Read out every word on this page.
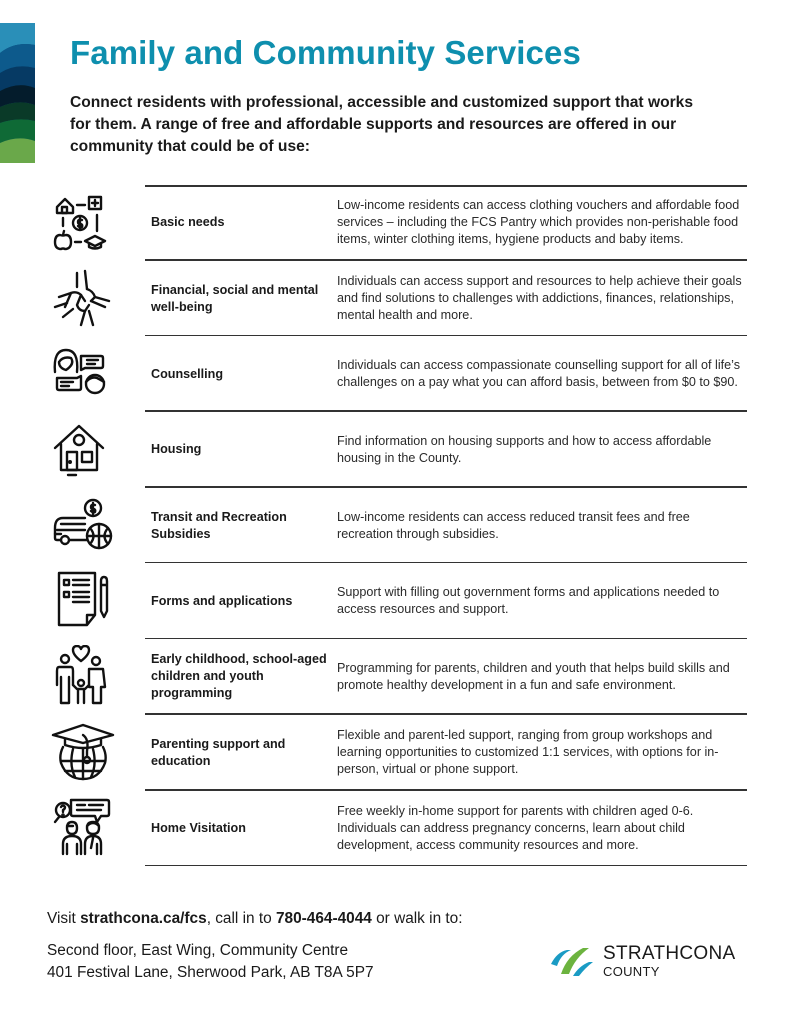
Family and Community Services
Connect residents with professional, accessible and customized support that works for them. A range of free and affordable supports and resources are offered in our community that could be of use:
Basic needs
Low-income residents can access clothing vouchers and affordable food services – including the FCS Pantry which provides non-perishable food items, winter clothing items, hygiene products and baby items.
Financial, social and mental well-being
Individuals can access support and resources to help achieve their goals and find solutions to challenges with addictions, finances, relationships, mental health and more.
Counselling
Individuals can access compassionate counselling support for all of life’s challenges on a pay what you can afford basis, between from $0 to $90.
Housing
Find information on housing supports and how to access affordable housing in the County.
Transit and Recreation Subsidies
Low-income residents can access reduced transit fees and free recreation through subsidies.
Forms and applications
Support with filling out government forms and applications needed to access resources and support.
Early childhood, school-aged children and youth programming
Programming for parents, children and youth that helps build skills and promote healthy development in a fun and safe environment.
Parenting support and education
Flexible and parent-led support, ranging from group workshops and learning opportunities to customized 1:1 services, with options for in-person, virtual or phone support.
Home Visitation
Free weekly in-home support for parents with children aged 0-6. Individuals can address pregnancy concerns, learn about child development, access community resources and more.
Visit strathcona.ca/fcs, call in to 780-464-4044 or walk in to:
Second floor, East Wing, Community Centre
401 Festival Lane, Sherwood Park, AB T8A 5P7
STRATHCONA
COUNTY
